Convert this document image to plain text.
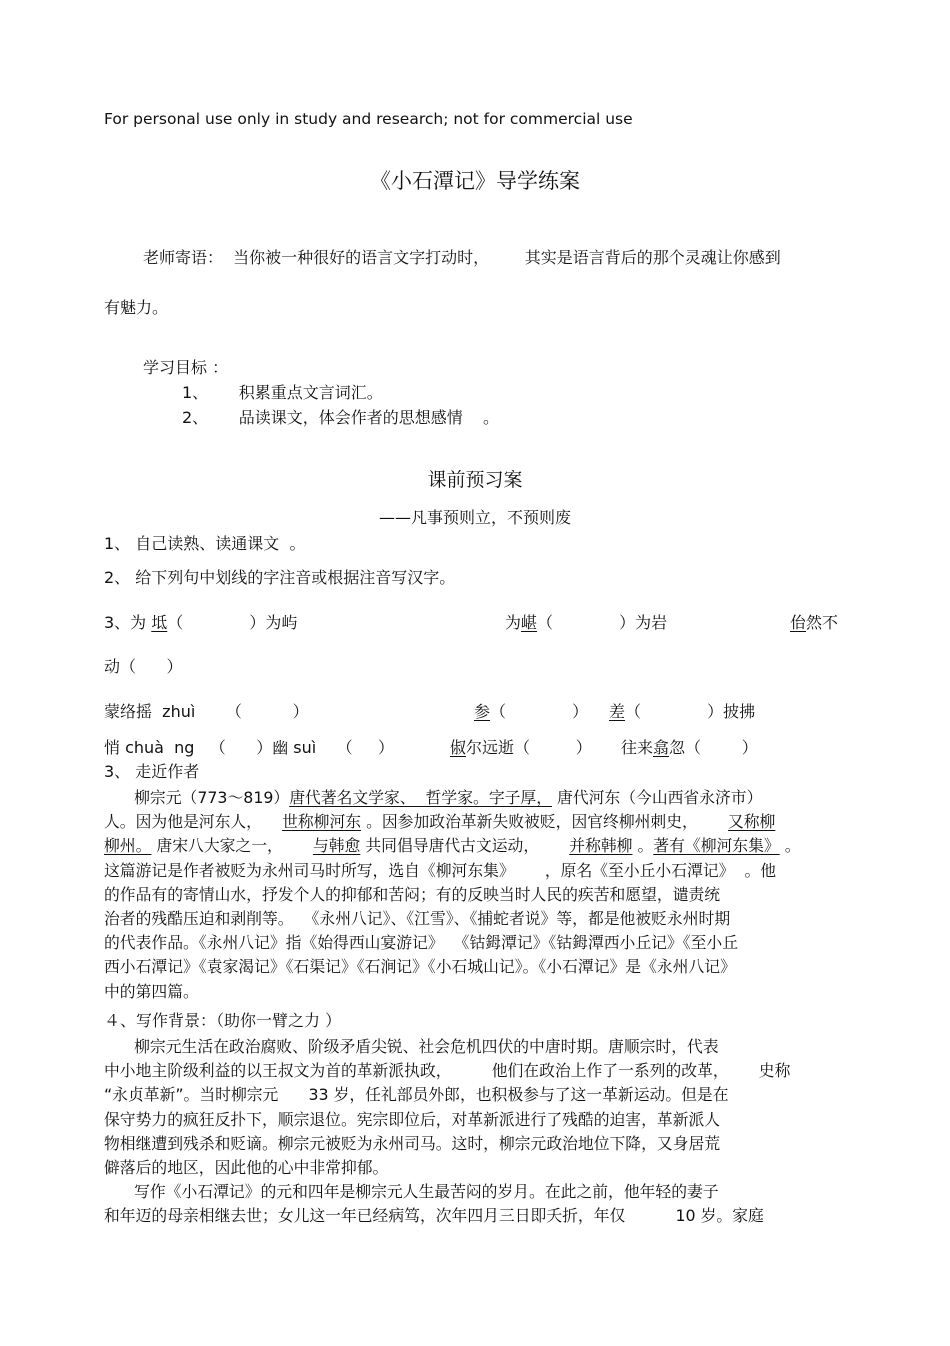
For personal use only in study and research; not for commercial use
《小石潭记》导学练案
老师寄语：  当你被一种很好的语言文字打动时，       其实是语言背后的那个灵魂让你感到
有魅力。
学习目标 ：
1、      积累重点文言词汇。
2、      品读课文，体会作者的思想感情    。
课前预习案
——凡事预则立，不预则废
1、 自己读熟、读通课文  。
2、 给下列句中划线的字注音或根据注音写汉字。
3、为 坻（             ）为屿	为嵁（             ）为岩	佁然不
动（      ）
蒙络摇  zhuì      （          ）	参（             ） 差（             ）披拂
悄 chuà  ng   （      ）幽 suì    （     ）	俶尔远逝（         ） 往来翕忽（        ）
3、 走近作者
柳宗元（773～819）唐代著名文学家、  哲学家。字子厚， 唐代河东（今山西省永济市）
人。因为他是河东人，    世称柳河东 。因参加政治革新失败被贬，因官终柳州刺史，      又称柳
柳州。 唐宋八大家之一，      与韩愈 共同倡导唐代古文运动，      并称韩柳 。著有《柳河东集》 。
这篇游记是作者被贬为永州司马时所写，选自《柳河东集》      ，原名《至小丘小石潭记》  。他
的作品有的寄情山水，抒发个人的抑郁和苦闷；有的反映当时人民的疾苦和愿望，谴责统
治者的残酷压迫和剥削等。  《永州八记》、《江雪》、《捕蛇者说》等，都是他被贬永州时期
的代表作品。《永州八记》指《始得西山宴游记》  《钴鉧潭记》《钴鉧潭西小丘记》《至小丘
西小石潭记》《袁家渴记》《石渠记》《石涧记》《小石城山记》。《小石潭记》是《永州八记》
中的第四篇。
４、写作背景：（助你一臂之力 ）
柳宗元生活在政治腐败、阶级矛盾尖锐、社会危机四伏的中唐时期。唐顺宗时，代表
中小地主阶级利益的以王叔文为首的革新派执政，        他们在政治上作了一系列的改革，      史称
“永贞革新”。当时柳宗元      33 岁，任礼部员外郎，也积极参与了这一革新运动。但是在
保守势力的疯狂反扑下，顺宗退位。宪宗即位后，对革新派进行了残酷的迫害，革新派人
物相继遭到残杀和贬谪。柳宗元被贬为永州司马。这时，柳宗元政治地位下降，又身居荒
僻落后的地区，因此他的心中非常抑郁。
写作《小石潭记》的元和四年是柳宗元人生最苦闷的岁月。在此之前，他年轻的妻子
和年迈的母亲相继去世；女儿这一年已经病笃，次年四月三日即夭折，年仅          10 岁。家庭
